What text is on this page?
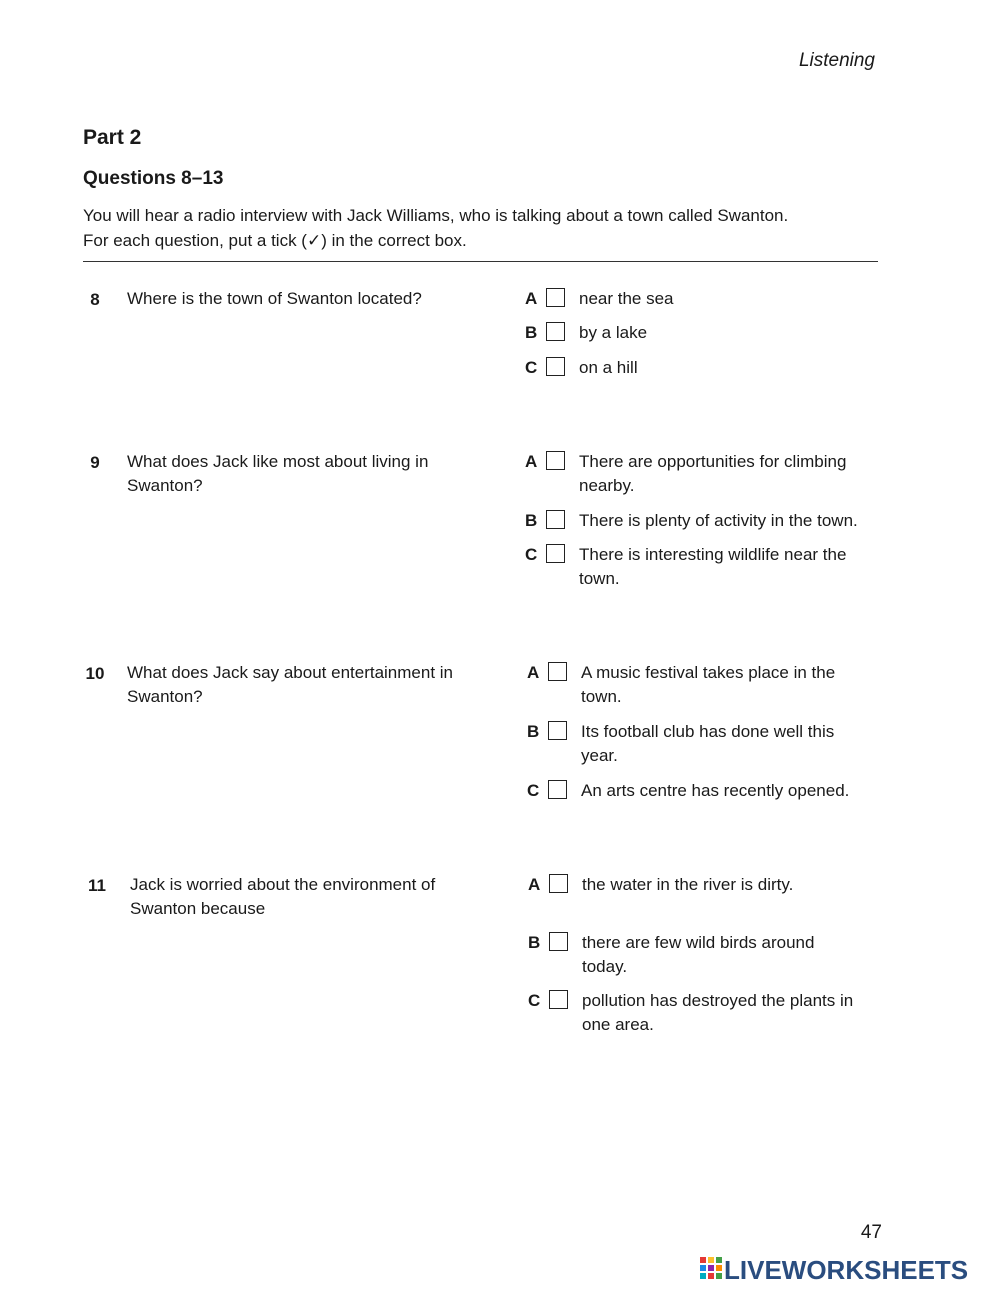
Listening
Part 2
Questions 8–13
You will hear a radio interview with Jack Williams, who is talking about a town called Swanton.
For each question, put a tick (✓) in the correct box.
8	Where is the town of Swanton located?	A near the sea
B by a lake
C on a hill
9	What does Jack like most about living in Swanton?
A There are opportunities for climbing nearby.
B There is plenty of activity in the town.
C There is interesting wildlife near the town.
10	What does Jack say about entertainment in Swanton?
A A music festival takes place in the town.
B Its football club has done well this year.
C An arts centre has recently opened.
11	Jack is worried about the environment of Swanton because
A the water in the river is dirty.
B there are few wild birds around today.
C pollution has destroyed the plants in one area.
47
LIVEWORKSHEETS
